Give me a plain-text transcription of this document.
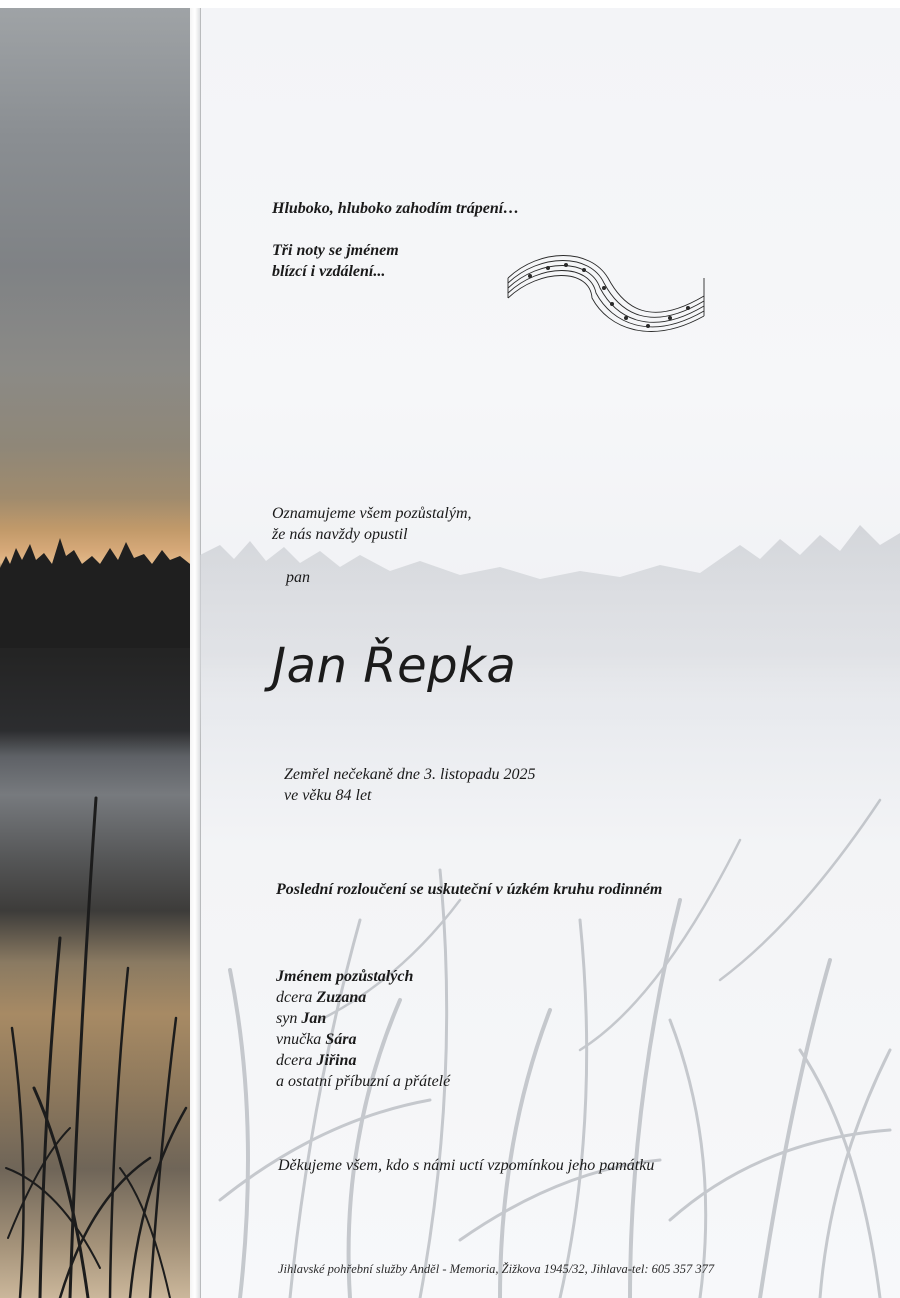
Hluboko, hluboko zahodím trápení…
Tři noty se jménem
blízcí i vzdálení...
Oznamujeme všem pozůstalým,
že nás navždy opustil
pan
Jan Řepka
Zemřel nečekaně dne 3. listopadu 2025
ve věku 84 let
Poslední rozloučení se uskuteční v úzkém kruhu rodinném
Jménem pozůstalých
dcera Zuzana
syn Jan
vnučka Sára
dcera Jiřina
a ostatní příbuzní a přátelé
Děkujeme všem, kdo s námi uctí vzpomínkou jeho památku
Jihlavské pohřební služby Anděl - Memoria, Žižkova 1945/32, Jihlava-tel: 605 357 377
